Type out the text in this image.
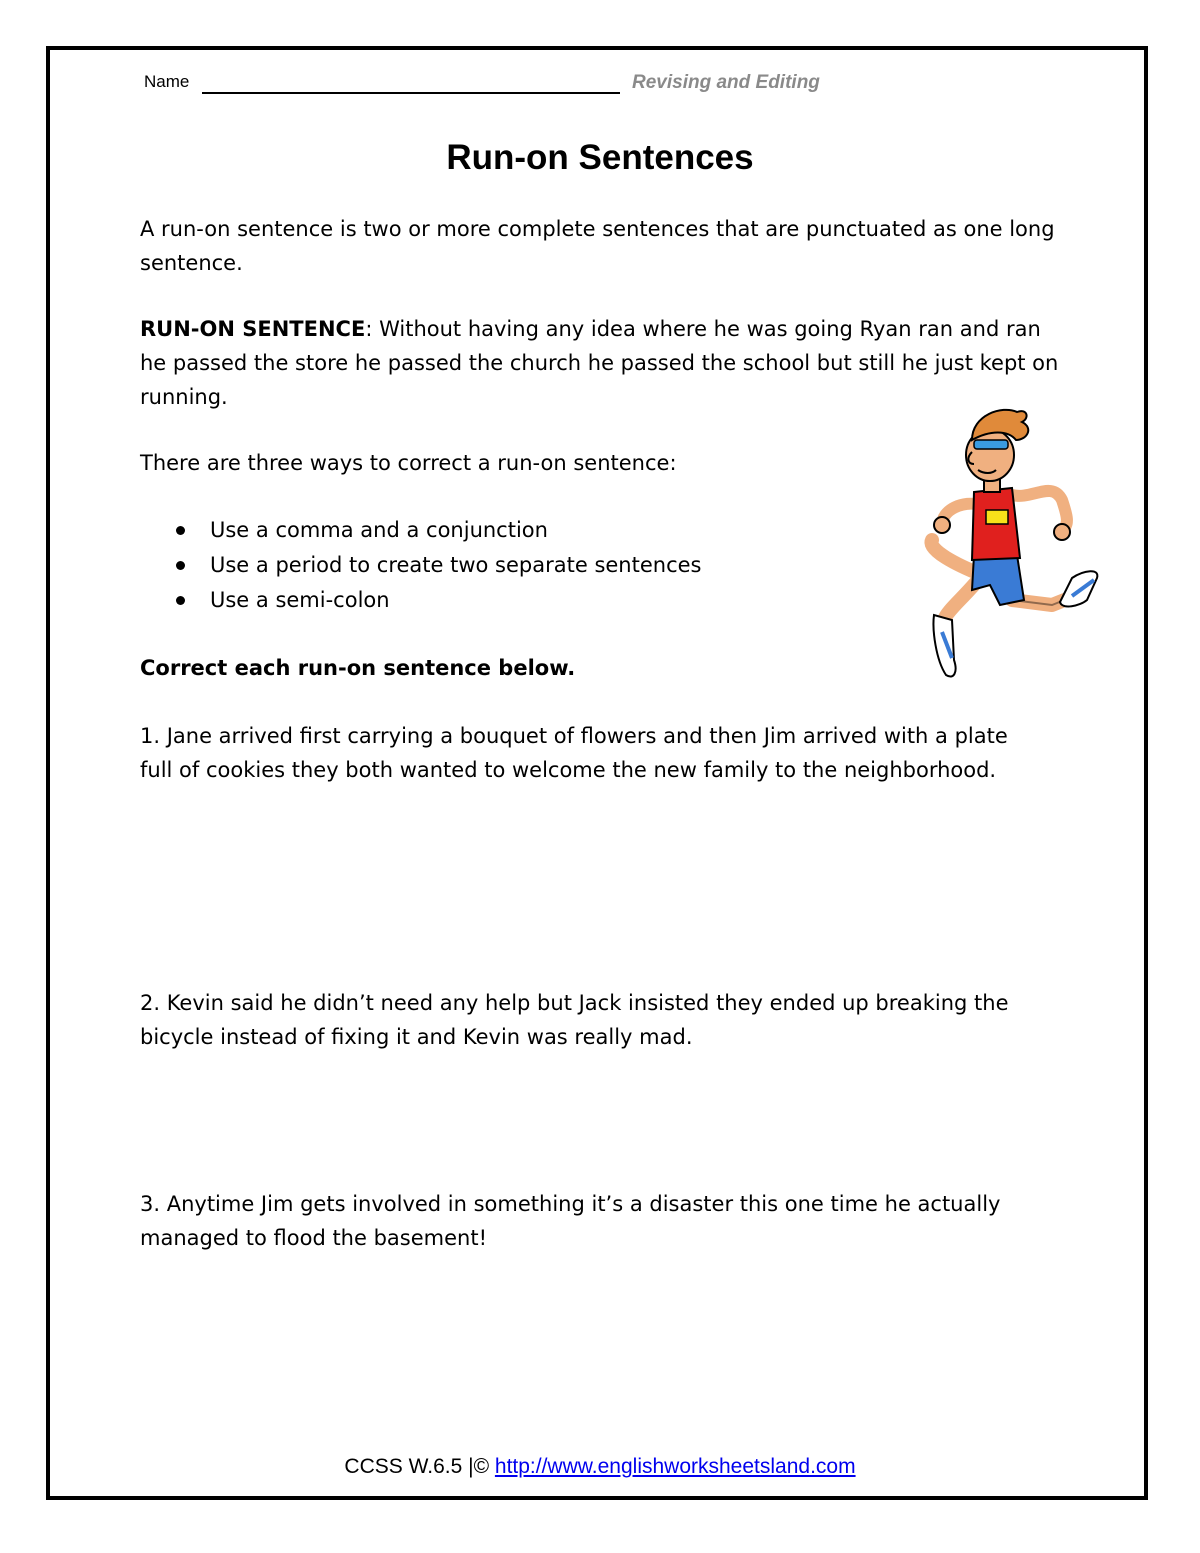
Name	Revising and Editing
Run-on Sentences
A run-on sentence is two or more complete sentences that are punctuated as one long sentence.
RUN-ON SENTENCE: Without having any idea where he was going Ryan ran and ran he passed the store he passed the church he passed the school but still he just kept on running.
There are three ways to correct a run-on sentence:
Use a comma and a conjunction
Use a period to create two separate sentences
Use a semi-colon
Correct each run-on sentence below.
1. Jane arrived first carrying a bouquet of flowers and then Jim arrived with a plate full of cookies they both wanted to welcome the new family to the neighborhood.
2. Kevin said he didn’t need any help but Jack insisted they ended up breaking the bicycle instead of fixing it and Kevin was really mad.
3. Anytime Jim gets involved in something it’s a disaster this one time he actually managed to flood the basement!
CCSS W.6.5 |© http://www.englishworksheetsland.com
